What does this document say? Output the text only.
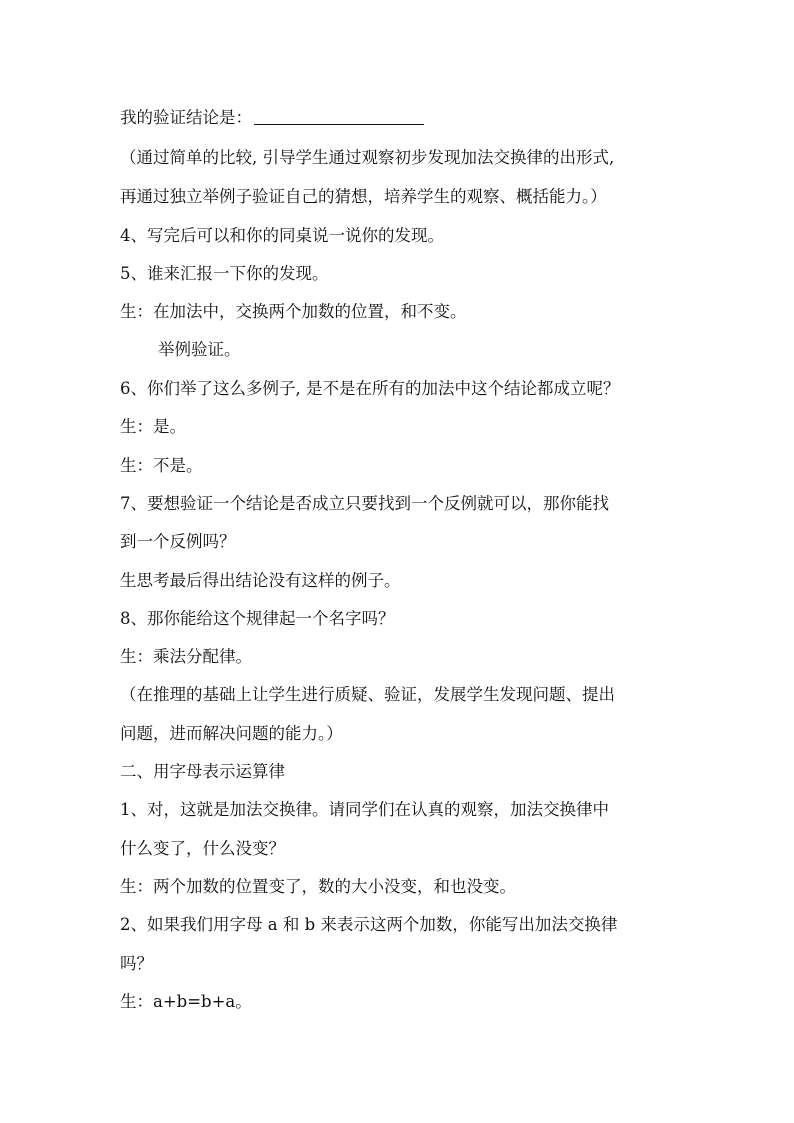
我的验证结论是：
（通过简单的比较, 引导学生通过观察初步发现加法交换律的出形式,
再通过独立举例子验证自己的猜想，培养学生的观察、概括能力。）
4、写完后可以和你的同桌说一说你的发现。
5、谁来汇报一下你的发现。
生：在加法中，交换两个加数的位置，和不变。
举例验证。
6、你们举了这么多例子, 是不是在所有的加法中这个结论都成立呢？
生：是。
生：不是。
7、要想验证一个结论是否成立只要找到一个反例就可以，那你能找
到一个反例吗？
生思考最后得出结论没有这样的例子。
8、那你能给这个规律起一个名字吗？
生：乘法分配律。
（在推理的基础上让学生进行质疑、验证，发展学生发现问题、提出
问题，进而解决问题的能力。）
二、用字母表示运算律
1、对，这就是加法交换律。请同学们在认真的观察，加法交换律中
什么变了，什么没变？
生：两个加数的位置变了，数的大小没变，和也没变。
2、如果我们用字母 a 和 b 来表示这两个加数，你能写出加法交换律
吗？
生：a+b=b+a。
